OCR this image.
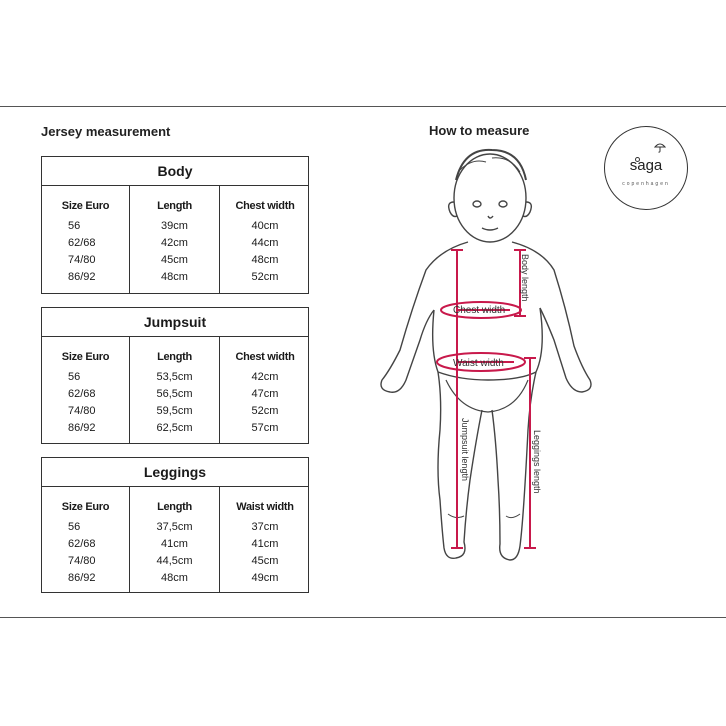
Jersey measurement	How to measure
Body
Size Euro
56
62/68
74/80
86/92
Length
39cm
42cm
45cm
48cm
Chest width
40cm
44cm
48cm
52cm
Jumpsuit
Size Euro
56
62/68
74/80
86/92
Length
53,5cm
56,5cm
59,5cm
62,5cm
Chest width
42cm
47cm
52cm
57cm
Leggings
Size Euro
56
62/68
74/80
86/92
Length
37,5cm
41cm
44,5cm
48cm
Waist width
37cm
41cm
45cm
49cm
saga
copenhagen
Chest width
Waist width
Body length
Jumpsuit length	Leggings length
